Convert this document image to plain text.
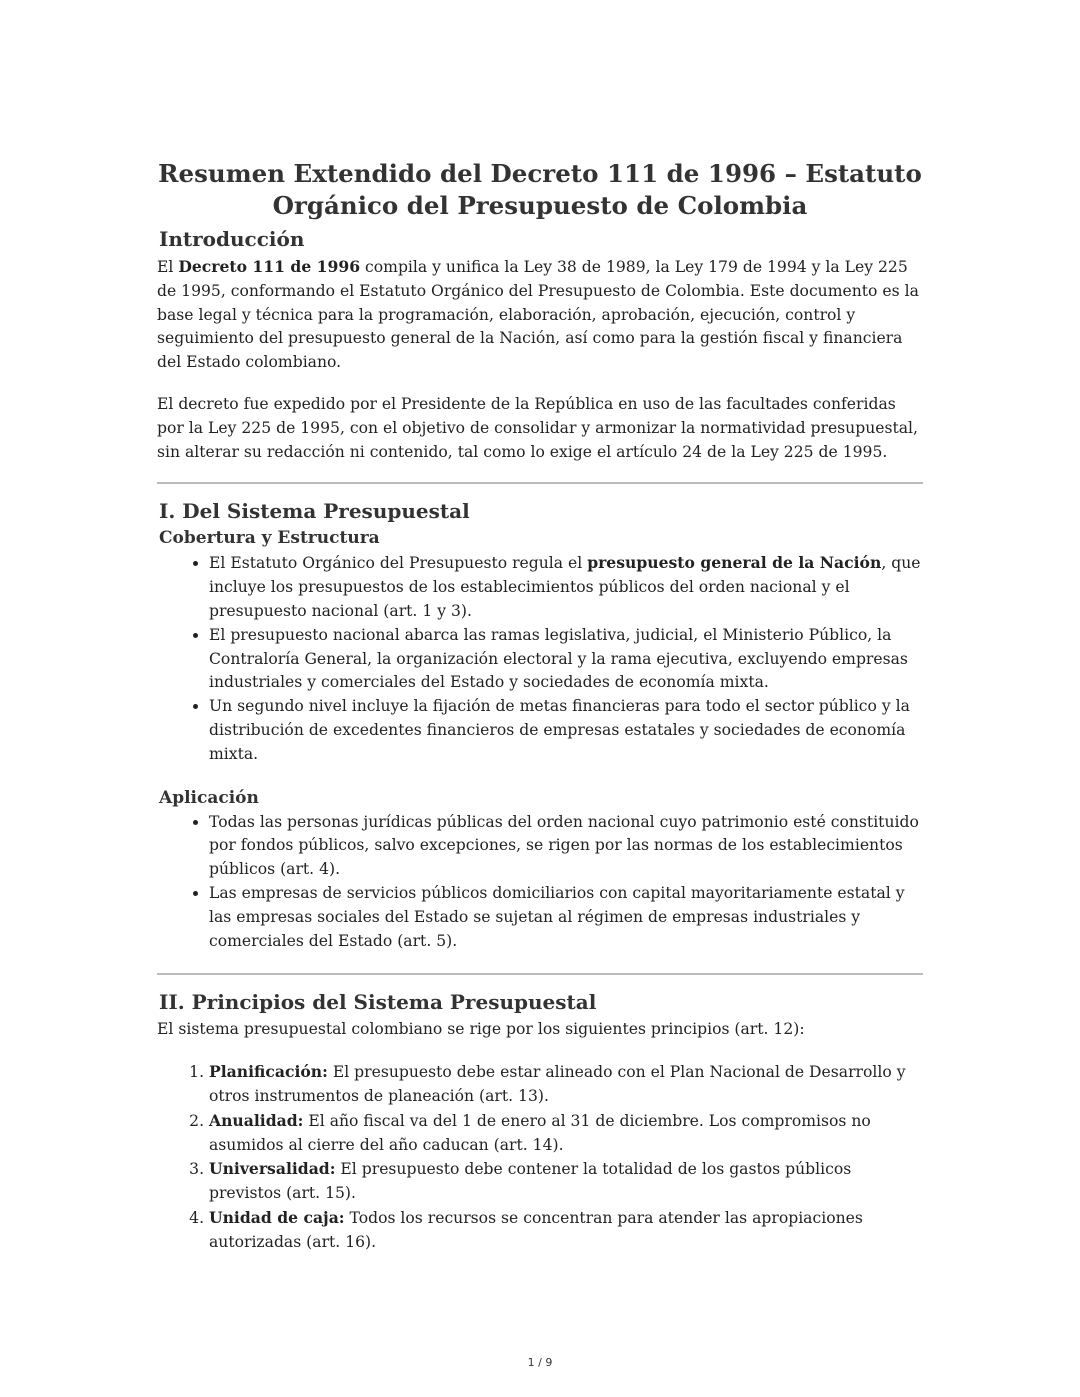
Resumen Extendido del Decreto 111 de 1996 – Estatuto Orgánico del Presupuesto de Colombia
Introducción

El Decreto 111 de 1996 compila y unifica la Ley 38 de 1989, la Ley 179 de 1994 y la Ley 225 de 1995, conformando el Estatuto Orgánico del Presupuesto de Colombia. Este documento es la base legal y técnica para la programación, elaboración, aprobación, ejecución, control y seguimiento del presupuesto general de la Nación, así como para la gestión fiscal y financiera del Estado colombiano.

El decreto fue expedido por el Presidente de la República en uso de las facultades conferidas por la Ley 225 de 1995, con el objetivo de consolidar y armonizar la normatividad presupuestal, sin alterar su redacción ni contenido, tal como lo exige el artículo 24 de la Ley 225 de 1995.

I. Del Sistema Presupuestal
Cobertura y Estructura
• El Estatuto Orgánico del Presupuesto regula el presupuesto general de la Nación, que incluye los presupuestos de los establecimientos públicos del orden nacional y el presupuesto nacional (art. 1 y 3).
• El presupuesto nacional abarca las ramas legislativa, judicial, el Ministerio Público, la Contraloría General, la organización electoral y la rama ejecutiva, excluyendo empresas industriales y comerciales del Estado y sociedades de economía mixta.
• Un segundo nivel incluye la fijación de metas financieras para todo el sector público y la distribución de excedentes financieros de empresas estatales y sociedades de economía mixta.
Aplicación
• Todas las personas jurídicas públicas del orden nacional cuyo patrimonio esté constituido por fondos públicos, salvo excepciones, se rigen por las normas de los establecimientos públicos (art. 4).
• Las empresas de servicios públicos domiciliarios con capital mayoritariamente estatal y las empresas sociales del Estado se sujetan al régimen de empresas industriales y comerciales del Estado (art. 5).
II. Principios del Sistema Presupuestal

El sistema presupuestal colombiano se rige por los siguientes principios (art. 12):

1. Planificación: El presupuesto debe estar alineado con el Plan Nacional de Desarrollo y otros instrumentos de planeación (art. 13).
2. Anualidad: El año fiscal va del 1 de enero al 31 de diciembre. Los compromisos no asumidos al cierre del año caducan (art. 14).
3. Universalidad: El presupuesto debe contener la totalidad de los gastos públicos previstos (art. 15).
4. Unidad de caja: Todos los recursos se concentran para atender las apropiaciones autorizadas (art. 16).
1 / 9
